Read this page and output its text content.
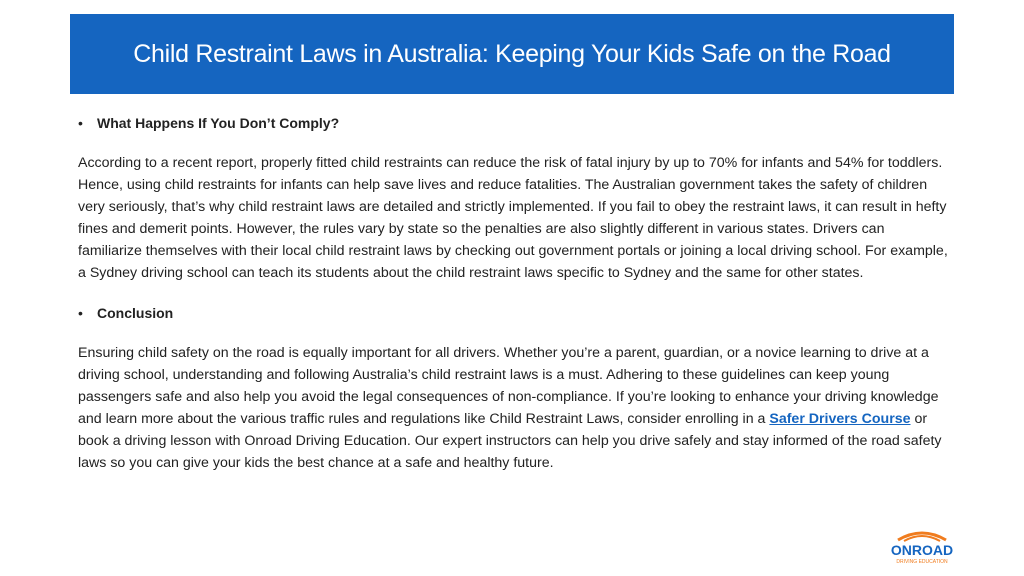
Child Restraint Laws in Australia: Keeping Your Kids Safe on the Road
•	What Happens If You Don’t Comply?

According to a recent report, properly fitted child restraints can reduce the risk of fatal injury by up to 70% for infants and 54% for toddlers. Hence, using child restraints for infants can help save lives and reduce fatalities. The Australian government takes the safety of children very seriously, that’s why child restraint laws are detailed and strictly implemented. If you fail to obey the restraint laws, it can result in hefty fines and demerit points. However, the rules vary by state so the penalties are also slightly different in various states. Drivers can familiarize themselves with their local child restraint laws by checking out government portals or joining a local driving school. For example, a Sydney driving school can teach its students about the child restraint laws specific to Sydney and the same for other states.

•	Conclusion

Ensuring child safety on the road is equally important for all drivers. Whether you’re a parent, guardian, or a novice learning to drive at a driving school, understanding and following Australia’s child restraint laws is a must. Adhering to these guidelines can keep young passengers safe and also help you avoid the legal consequences of non-compliance. If you’re looking to enhance your driving knowledge and learn more about the various traffic rules and regulations like Child Restraint Laws, consider enrolling in a Safer Drivers Course or book a driving lesson with Onroad Driving Education. Our expert instructors can help you drive safely and stay informed of the road safety laws so you can give your kids the best chance at a safe and healthy future.

ONROAD
DRIVING EDUCATION
